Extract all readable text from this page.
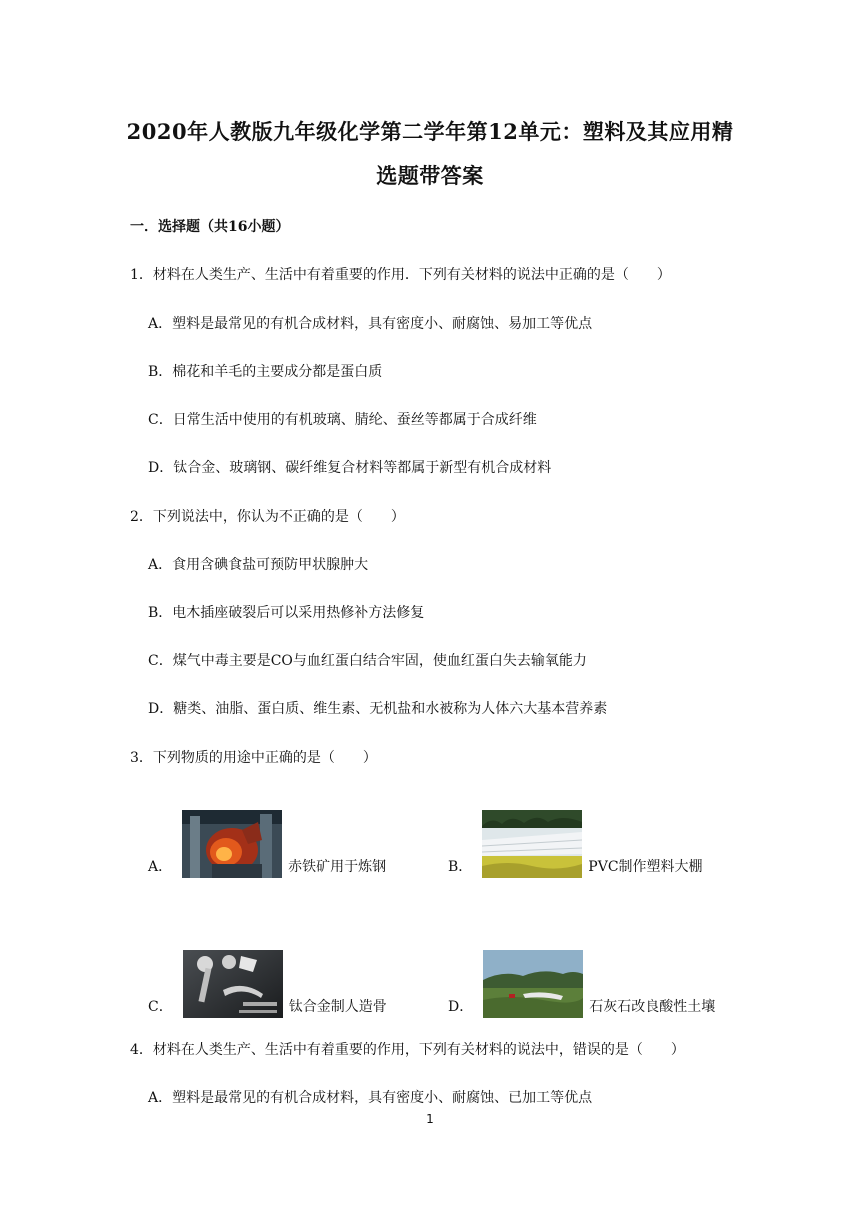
2020年人教版九年级化学第二学年第12单元：塑料及其应用精
选题带答案
一．选择题（共16小题）
1．材料在人类生产、生活中有着重要的作用．下列有关材料的说法中正确的是（　　）
A．塑料是最常见的有机合成材料，具有密度小、耐腐蚀、易加工等优点
B．棉花和羊毛的主要成分都是蛋白质
C．日常生活中使用的有机玻璃、腈纶、蚕丝等都属于合成纤维
D．钛合金、玻璃钢、碳纤维复合材料等都属于新型有机合成材料
2．下列说法中，你认为不正确的是（　　）
A．食用含碘食盐可预防甲状腺肿大
B．电木插座破裂后可以采用热修补方法修复
C．煤气中毒主要是CO与血红蛋白结合牢固，使血红蛋白失去输氧能力
D．糖类、油脂、蛋白质、维生素、无机盐和水被称为人体六大基本营养素
3．下列物质的用途中正确的是（　　）
A．	赤铁矿用于炼钢	B．	PVC制作塑料大棚
C．	钛合金制人造骨	D．	石灰石改良酸性土壤
4．材料在人类生产、生活中有着重要的作用，下列有关材料的说法中，错误的是（　　）
A．塑料是最常见的有机合成材料，具有密度小、耐腐蚀、已加工等优点
1
